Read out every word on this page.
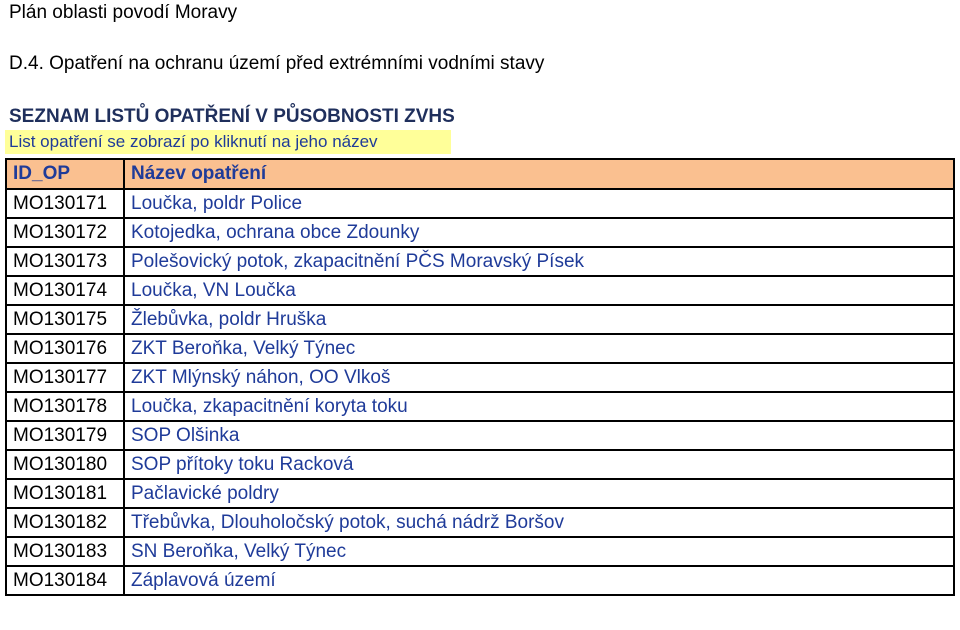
Plán oblasti povodí Moravy
D.4. Opatření na ochranu území před extrémními vodními stavy
SEZNAM LISTŮ OPATŘENÍ V PŮSOBNOSTI ZVHS
List opatření se zobrazí po kliknutí na jeho název
ID_OP	Název opatření
MO130171	Loučka, poldr Police
MO130172	Kotojedka, ochrana obce Zdounky
MO130173	Polešovický potok, zkapacitnění PČS Moravský Písek
MO130174	Loučka, VN Loučka
MO130175	Žlebůvka, poldr Hruška
MO130176	ZKT Beroňka, Velký Týnec
MO130177	ZKT Mlýnský náhon, OO Vlkoš
MO130178	Loučka, zkapacitnění koryta toku
MO130179	SOP Olšinka
MO130180	SOP přítoky toku Racková
MO130181	Pačlavické poldry
MO130182	Třebůvka, Dlouholočský potok, suchá nádrž Boršov
MO130183	SN Beroňka, Velký Týnec
MO130184	Záplavová území
